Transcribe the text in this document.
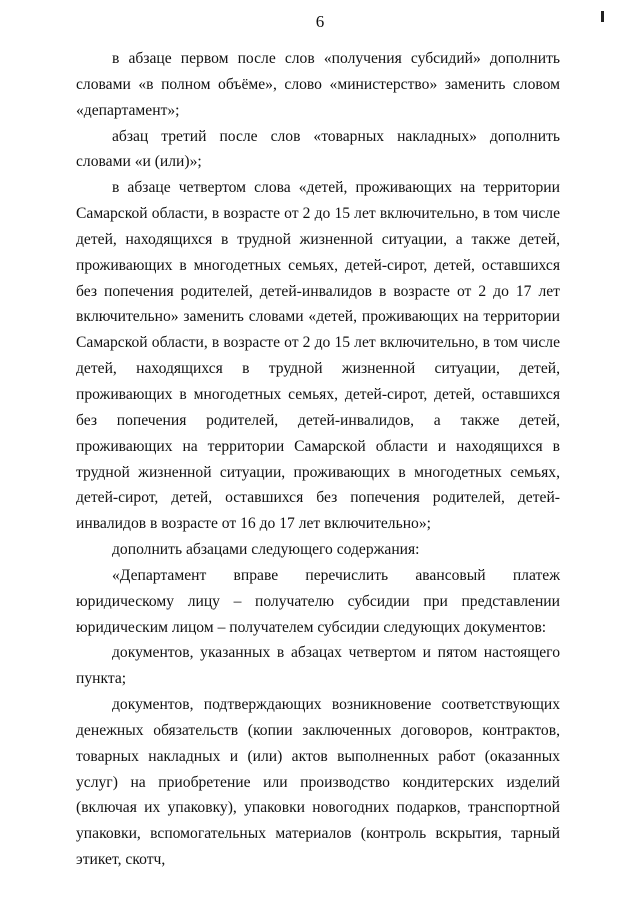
6

в абзаце первом после слов «получения субсидий» дополнить словами «в полном объёме», слово «министерство» заменить словом «департамент»;

абзац третий после слов «товарных накладных» дополнить словами «и (или)»;

в абзаце четвертом слова «детей, проживающих на территории Самарской области, в возрасте от 2 до 15 лет включительно, в том числе детей, находящихся в трудной жизненной ситуации, а также детей, проживающих в многодетных семьях, детей-сирот, детей, оставшихся без попечения родителей, детей-инвалидов в возрасте от 2 до 17 лет включительно» заменить словами «детей, проживающих на территории Самарской области, в возрасте от 2 до 15 лет включительно, в том числе детей, находящихся в трудной жизненной ситуации, детей, проживающих в многодетных семьях, детей-сирот, детей, оставшихся без попечения родителей, детей-инвалидов, а также детей, проживающих на территории Самарской области и находящихся в трудной жизненной ситуации, проживающих в многодетных семьях, детей-сирот, детей, оставшихся без попечения родителей, детей-инвалидов в возрасте от 16 до 17 лет включительно»;

дополнить абзацами следующего содержания:

«Департамент вправе перечислить авансовый платеж юридическому лицу – получателю субсидии при представлении юридическим лицом – получателем субсидии следующих документов:

документов, указанных в абзацах четвертом и пятом настоящего пункта;

документов, подтверждающих возникновение соответствующих денежных обязательств (копии заключенных договоров, контрактов, товарных накладных и (или) актов выполненных работ (оказанных услуг) на приобретение или производство кондитерских изделий (включая их упаковку), упаковки новогодних подарков, транспортной упаковки, вспомогательных материалов (контроль вскрытия, тарный этикет, скотч,
